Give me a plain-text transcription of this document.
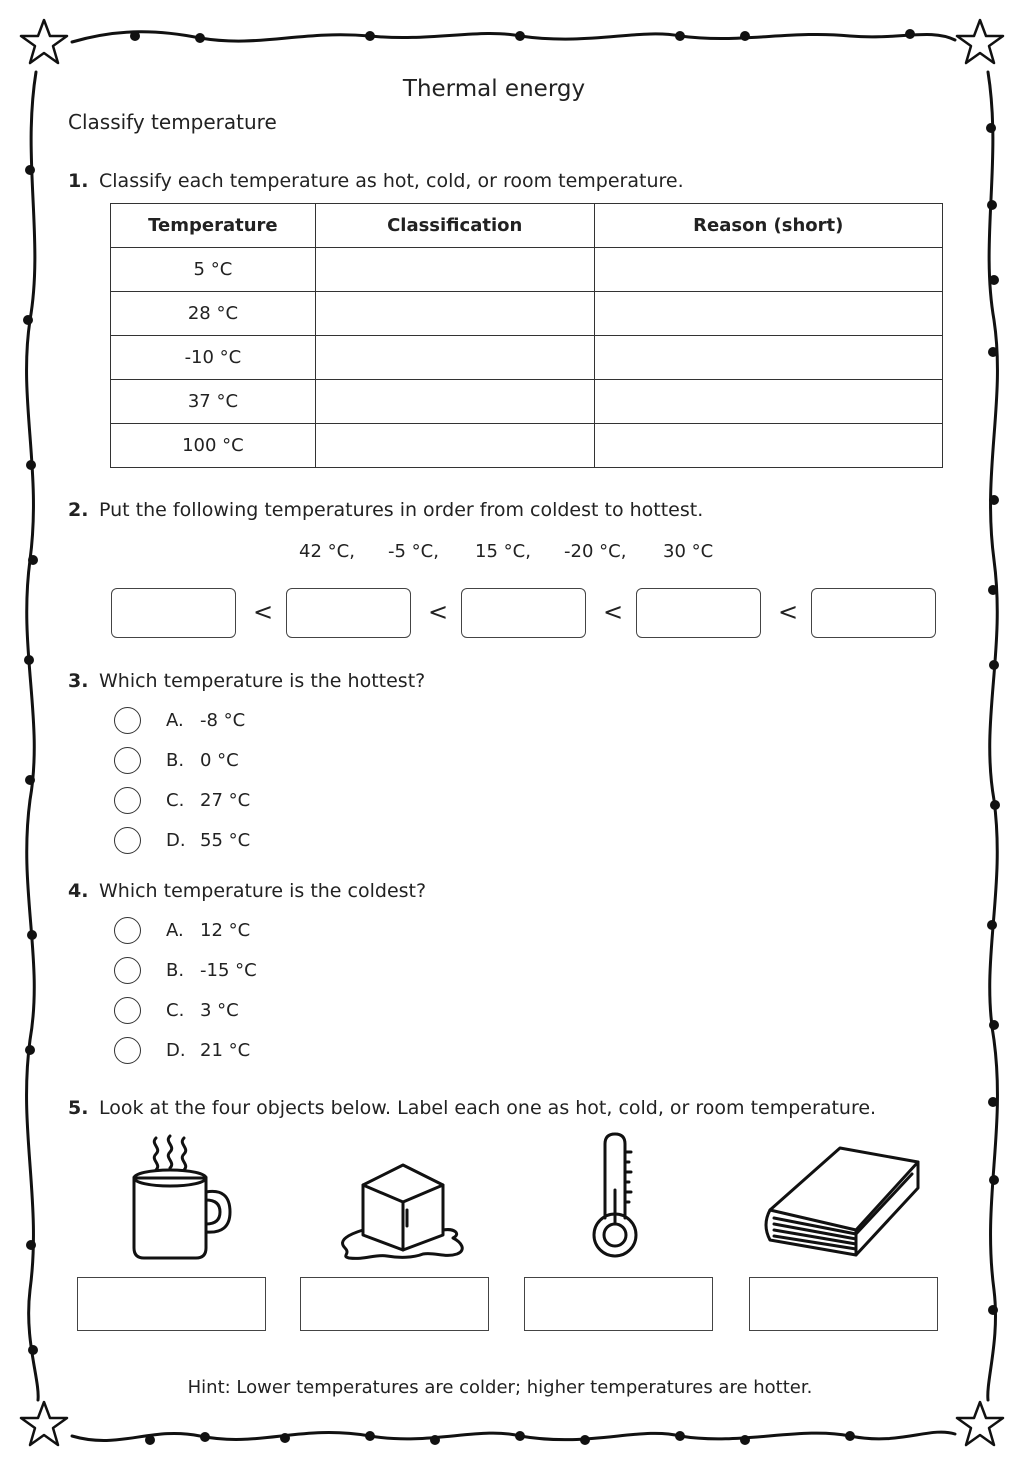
Thermal energy
Classify temperature
1. Classify each temperature as hot, cold, or room temperature.
Temperature	Classification	Reason (short)
5 °C		
28 °C		
-10 °C		
37 °C		
100 °C		
2. Put the following temperatures in order from coldest to hottest.
42 °C, -5 °C, 15 °C, -20 °C, 30 °C
<	<	<	<
3. Which temperature is the hottest?
A. -8 °C
B. 0 °C
C. 27 °C
D. 55 °C
4. Which temperature is the coldest?
A. 12 °C
B. -15 °C
C. 3 °C
D. 21 °C
5. Look at the four objects below. Label each one as hot, cold, or room temperature.
Hint: Lower temperatures are colder; higher temperatures are hotter.
